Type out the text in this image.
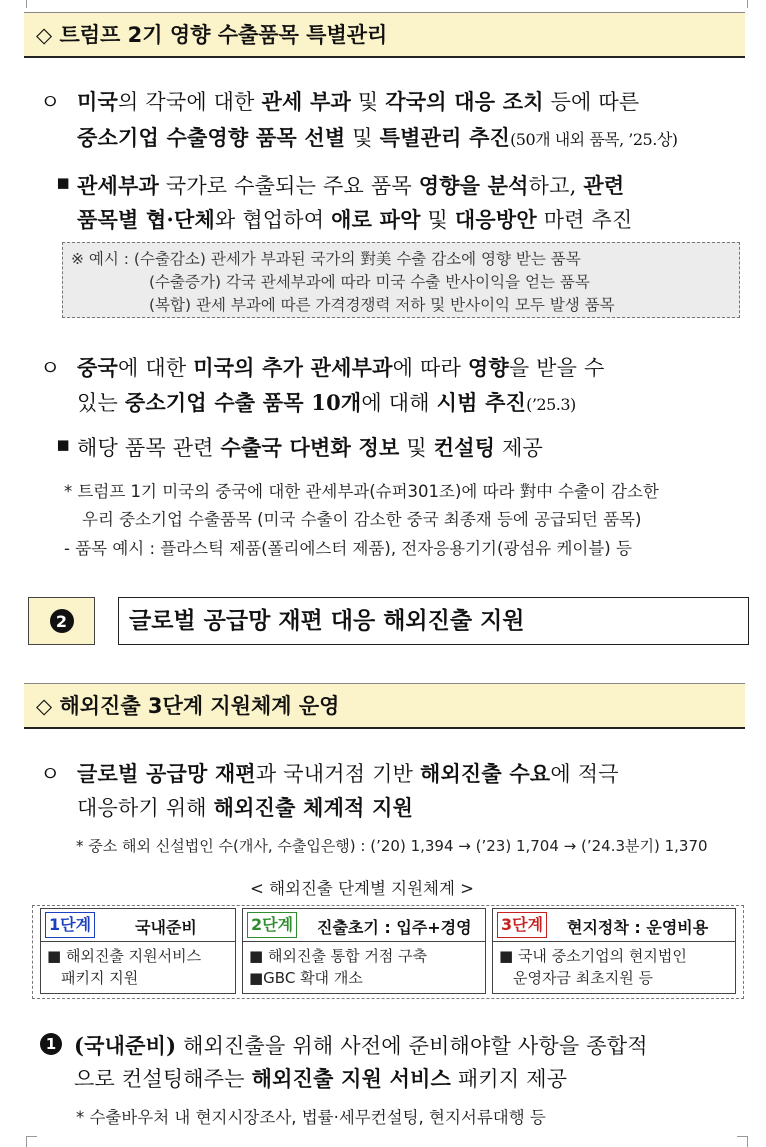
◇ 트럼프 2기 영향 수출품목 특별관리
ㅇ 미국의 각국에 대한 관세 부과 및 각국의 대응 조치 등에 따른
중소기업 수출영향 품목 선별 및 특별관리 추진(50개 내외 품목, ’25.상)
▪ 관세부과 국가로 수출되는 주요 품목 영향을 분석하고, 관련
품목별 협·단체와 협업하여 애로 파악 및 대응방안 마련 추진
※ 예시 : (수출감소) 관세가 부과된 국가의 對美 수출 감소에 영향 받는 품목
(수출증가) 각국 관세부과에 따라 미국 수출 반사이익을 얻는 품목
(복합) 관세 부과에 따른 가격경쟁력 저하 및 반사이익 모두 발생 품목
ㅇ 중국에 대한 미국의 추가 관세부과에 따라 영향을 받을 수
있는 중소기업 수출 품목 10개에 대해 시범 추진(’25.3)
▪ 해당 품목 관련 수출국 다변화 정보 및 컨설팅 제공
* 트럼프 1기 미국의 중국에 대한 관세부과(슈퍼301조)에 따라 對中 수출이 감소한
우리 중소기업 수출품목 (미국 수출이 감소한 중국 최종재 등에 공급되던 품목)
- 품목 예시 : 플라스틱 제품(폴리에스터 제품), 전자응용기기(광섬유 케이블) 등
2	글로벌 공급망 재편 대응 해외진출 지원
◇ 해외진출 3단계 지원체계 운영
ㅇ 글로벌 공급망 재편과 국내거점 기반 해외진출 수요에 적극
대응하기 위해 해외진출 체계적 지원
* 중소 해외 신설법인 수(개사, 수출입은행) : (’20) 1,394 → (’23) 1,704 → (’24.3분기) 1,370
< 해외진출 단계별 지원체계 >
1단계	국내준비
■ 해외진출 지원서비스
패키지 지원
2단계 진출초기 : 입주+경영
■ 해외진출 통합 거점 구축
■GBC 확대 개소
3단계 현지정착 : 운영비용
■ 국내 중소기업의 현지법인
운영자금 최초지원 등
1 (국내준비) 해외진출을 위해 사전에 준비해야할 사항을 종합적
으로 컨설팅해주는 해외진출 지원 서비스 패키지 제공
* 수출바우처 내 현지시장조사, 법률·세무컨설팅, 현지서류대행 등
